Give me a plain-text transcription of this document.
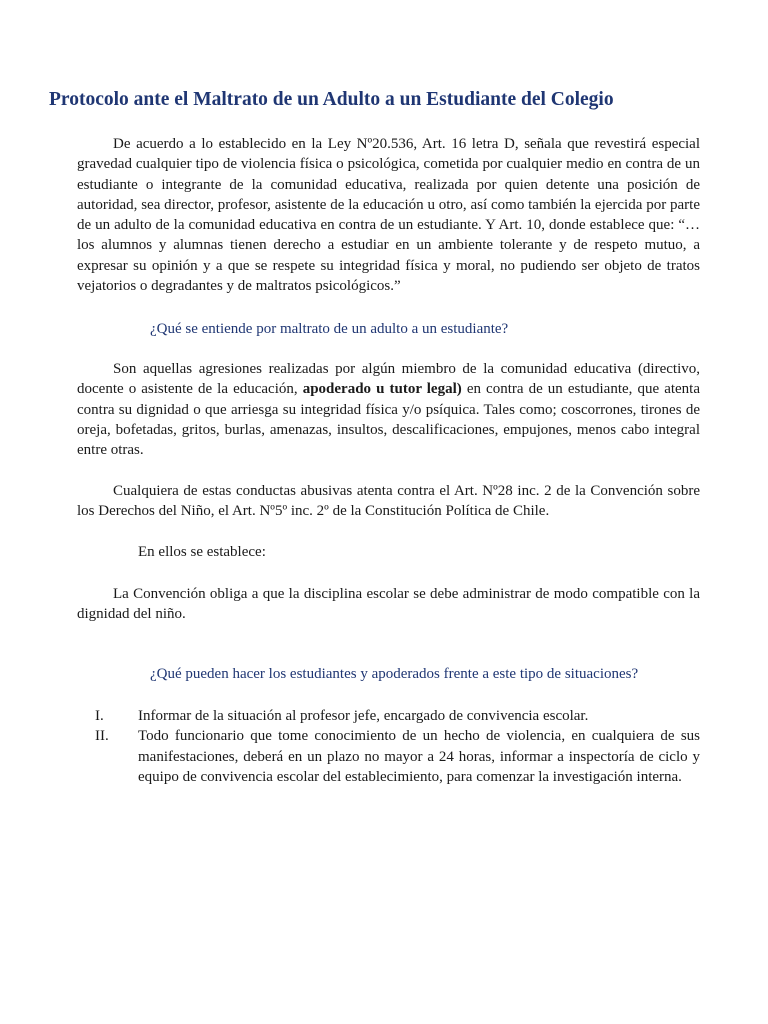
Protocolo ante el Maltrato de un Adulto a un Estudiante del Colegio

De acuerdo a lo establecido en la Ley Nº20.536, Art. 16 letra D, señala que revestirá especial gravedad cualquier tipo de violencia física o psicológica, cometida por cualquier medio en contra de un estudiante o integrante de la comunidad educativa, realizada por quien detente una posición de autoridad, sea director, profesor, asistente de la educación u otro, así como también la ejercida por parte de un adulto de la comunidad educativa en contra de un estudiante. Y Art. 10, donde establece que: “…los alumnos y alumnas tienen derecho a estudiar en un ambiente tolerante y de respeto mutuo, a expresar su opinión y a que se respete su integridad física y moral, no pudiendo ser objeto de tratos vejatorios o degradantes y de maltratos psicológicos.”

¿Qué se entiende por maltrato de un adulto a un estudiante?

Son aquellas agresiones realizadas por algún miembro de la comunidad educativa (directivo, docente o asistente de la educación, apoderado u tutor legal) en contra de un estudiante, que atenta contra su dignidad o que arriesga su integridad física y/o psíquica. Tales como; coscorrones, tirones de oreja, bofetadas, gritos, burlas, amenazas, insultos, descalificaciones, empujones, menos cabo integral entre otras.

Cualquiera de estas conductas abusivas atenta contra el Art. Nº28 inc. 2 de la Convención sobre los Derechos del Niño, el Art. Nº5º inc. 2º de la Constitución Política de Chile.

En ellos se establece:

La Convención obliga a que la disciplina escolar se debe administrar de modo compatible con la dignidad del niño.

¿Qué pueden hacer los estudiantes y apoderados frente a este tipo de situaciones?

I.	Informar de la situación al profesor jefe, encargado de convivencia escolar.
II.	Todo funcionario que tome conocimiento de un hecho de violencia, en cualquiera de sus manifestaciones, deberá en un plazo no mayor a 24 horas, informar a inspectoría de ciclo y equipo de convivencia escolar del establecimiento, para comenzar la investigación interna.
